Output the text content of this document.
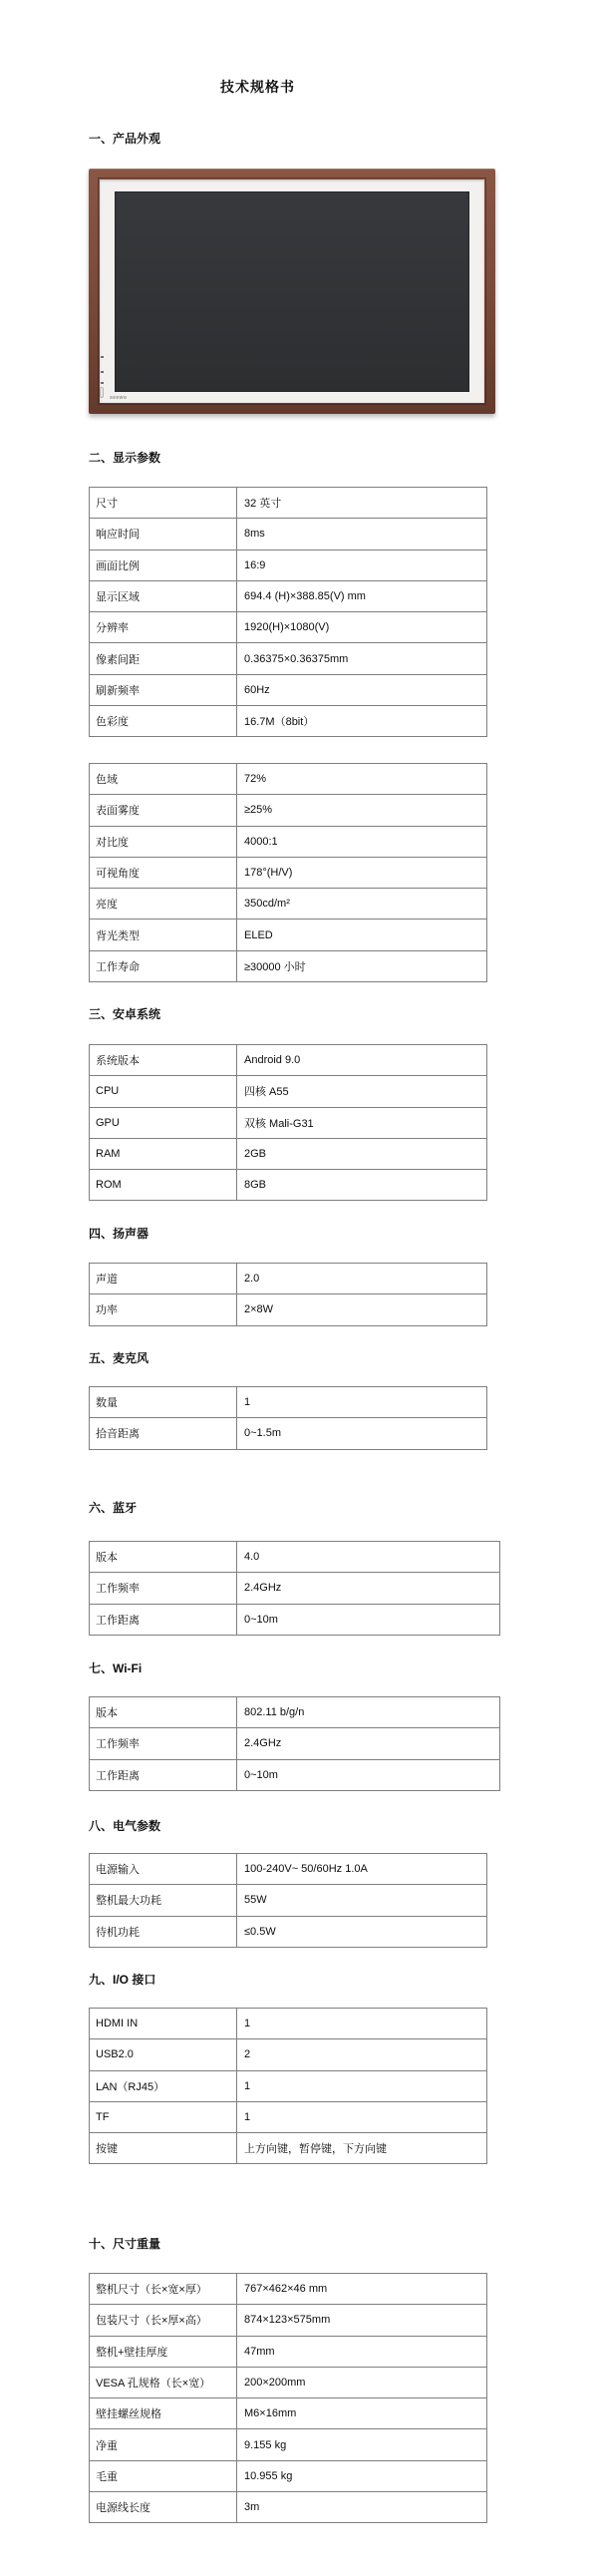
技术规格书
一、产品外观
seewo
二、显示参数
尺寸	32 英寸
响应时间	8ms
画面比例	16:9
显示区域	694.4 (H)×388.85(V) mm
分辨率	1920(H)×1080(V)
像素间距	0.36375×0.36375mm
刷新频率	60Hz
色彩度	16.7M（8bit）
色域	72%
表面雾度	≥25%
对比度	4000:1
可视角度	178°(H/V)
亮度	350cd/m²
背光类型	ELED
工作寿命	≥30000 小时
三、安卓系统
系统版本	Android 9.0
CPU	四核 A55
GPU	双核 Mali-G31
RAM	2GB
ROM	8GB
四、扬声器
声道	2.0
功率	2×8W
五、麦克风
数量	1
拾音距离	0~1.5m
六、蓝牙
版本	4.0
工作频率	2.4GHz
工作距离	0~10m
七、Wi-Fi
版本	802.11 b/g/n
工作频率	2.4GHz
工作距离	0~10m
八、电气参数
电源输入	100-240V~ 50/60Hz 1.0A
整机最大功耗	55W
待机功耗	≤0.5W
九、I/O 接口
HDMI IN	1
USB2.0	2
LAN（RJ45）	1
TF	1
按键	上方向键，暂停键，下方向键
十、尺寸重量
整机尺寸（长×宽×厚）	767×462×46 mm
包装尺寸（长×厚×高）	874×123×575mm
整机+壁挂厚度	47mm
VESA 孔规格（长×宽）	200×200mm
壁挂螺丝规格	M6×16mm
净重	9.155 kg
毛重	10.955 kg
电源线长度	3m
